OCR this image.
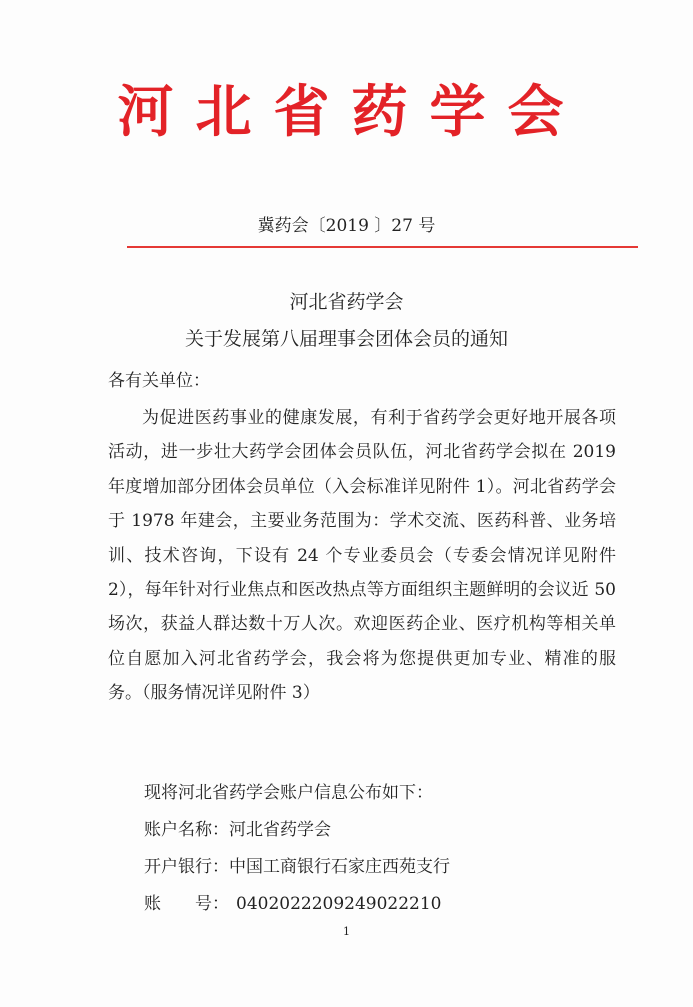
河北省药学会
冀药会〔2019 〕27 号
河北省药学会
关于发展第八届理事会团体会员的通知
各有关单位：

为促进医药事业的健康发展，有利于省药学会更好地开展各项活动，进一步壮大药学会团体会员队伍，河北省药学会拟在 2019 年度增加部分团体会员单位（入会标准详见附件 1）。河北省药学会于 1978 年建会，主要业务范围为：学术交流、医药科普、业务培训、技术咨询，下设有 24 个专业委员会（专委会情况详见附件 2），每年针对行业焦点和医改热点等方面组织主题鲜明的会议近 50 场次，获益人群达数十万人次。欢迎医药企业、医疗机构等相关单位自愿加入河北省药学会，我会将为您提供更加专业、精准的服务。（服务情况详见附件 3）

现将河北省药学会账户信息公布如下：
账户名称：河北省药学会
开户银行：中国工商银行石家庄西苑支行
账　　号： 0402022209249022210
1
